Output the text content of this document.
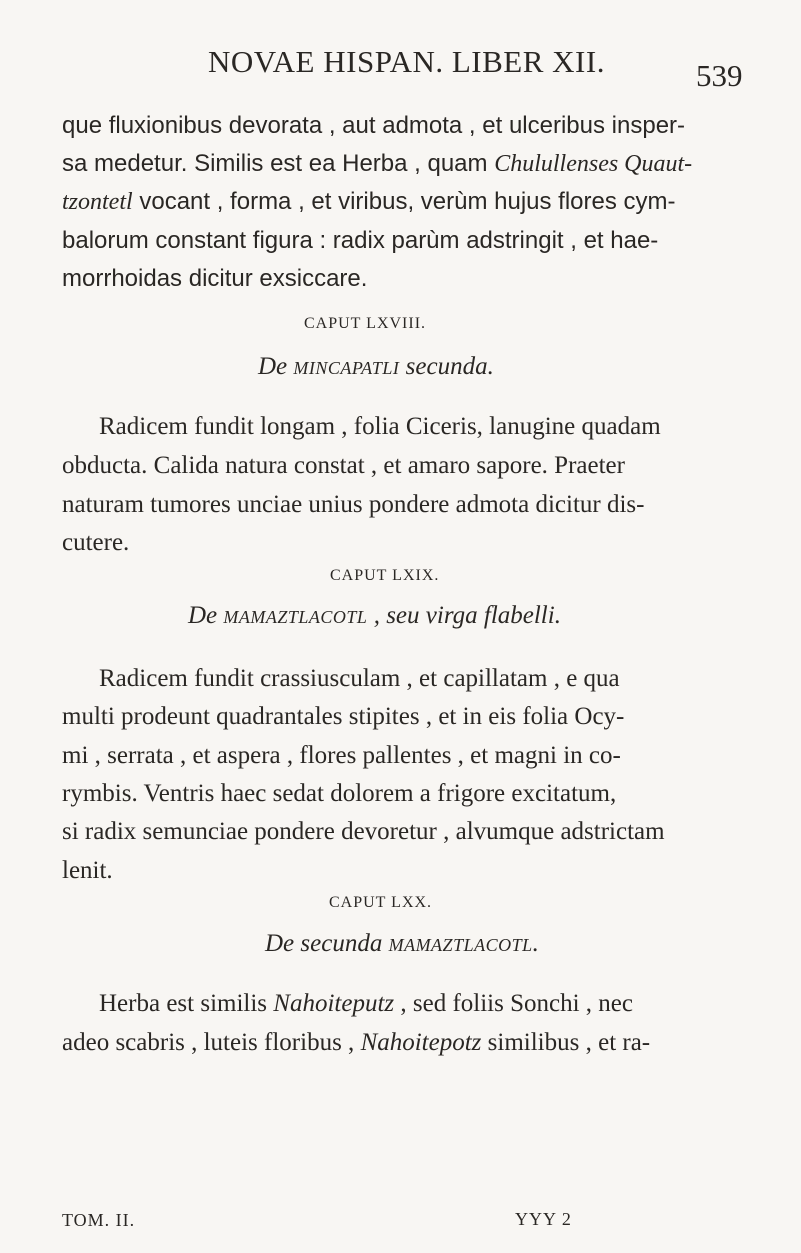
NOVAE HISPAN. LIBER XII.	539
que fluxionibus devorata , aut admota , et ulceribus insper-
sa medetur. Similis est ea Herba , quam Chulullenses Quaut-
tzontetl vocant , forma , et viribus, verùm hujus flores cym-
balorum constant figura : radix parùm adstringit , et hae-
morrhoidas dicitur exsiccare.
CAPUT LXVIII.
De mincapatli secunda.
Radicem fundit longam , folia Ciceris, lanugine quadam
obducta. Calida natura constat , et amaro sapore. Praeter
naturam tumores unciae unius pondere admota dicitur dis-
cutere.
CAPUT LXIX.
De mamaztlacotl , seu virga flabelli.
Radicem fundit crassiusculam , et capillatam , e qua
multi prodeunt quadrantales stipites , et in eis folia Ocy-
mi , serrata , et aspera , flores pallentes , et magni in co-
rymbis. Ventris haec sedat dolorem a frigore excitatum,
si radix semunciae pondere devoretur , alvumque adstrictam
lenit.
CAPUT LXX.
De secunda mamaztlacotl.
Herba est similis Nahoiteputz , sed foliis Sonchi , nec
adeo scabris , luteis floribus , Nahoitepotz similibus , et ra-
TOM. II.	YYY 2
